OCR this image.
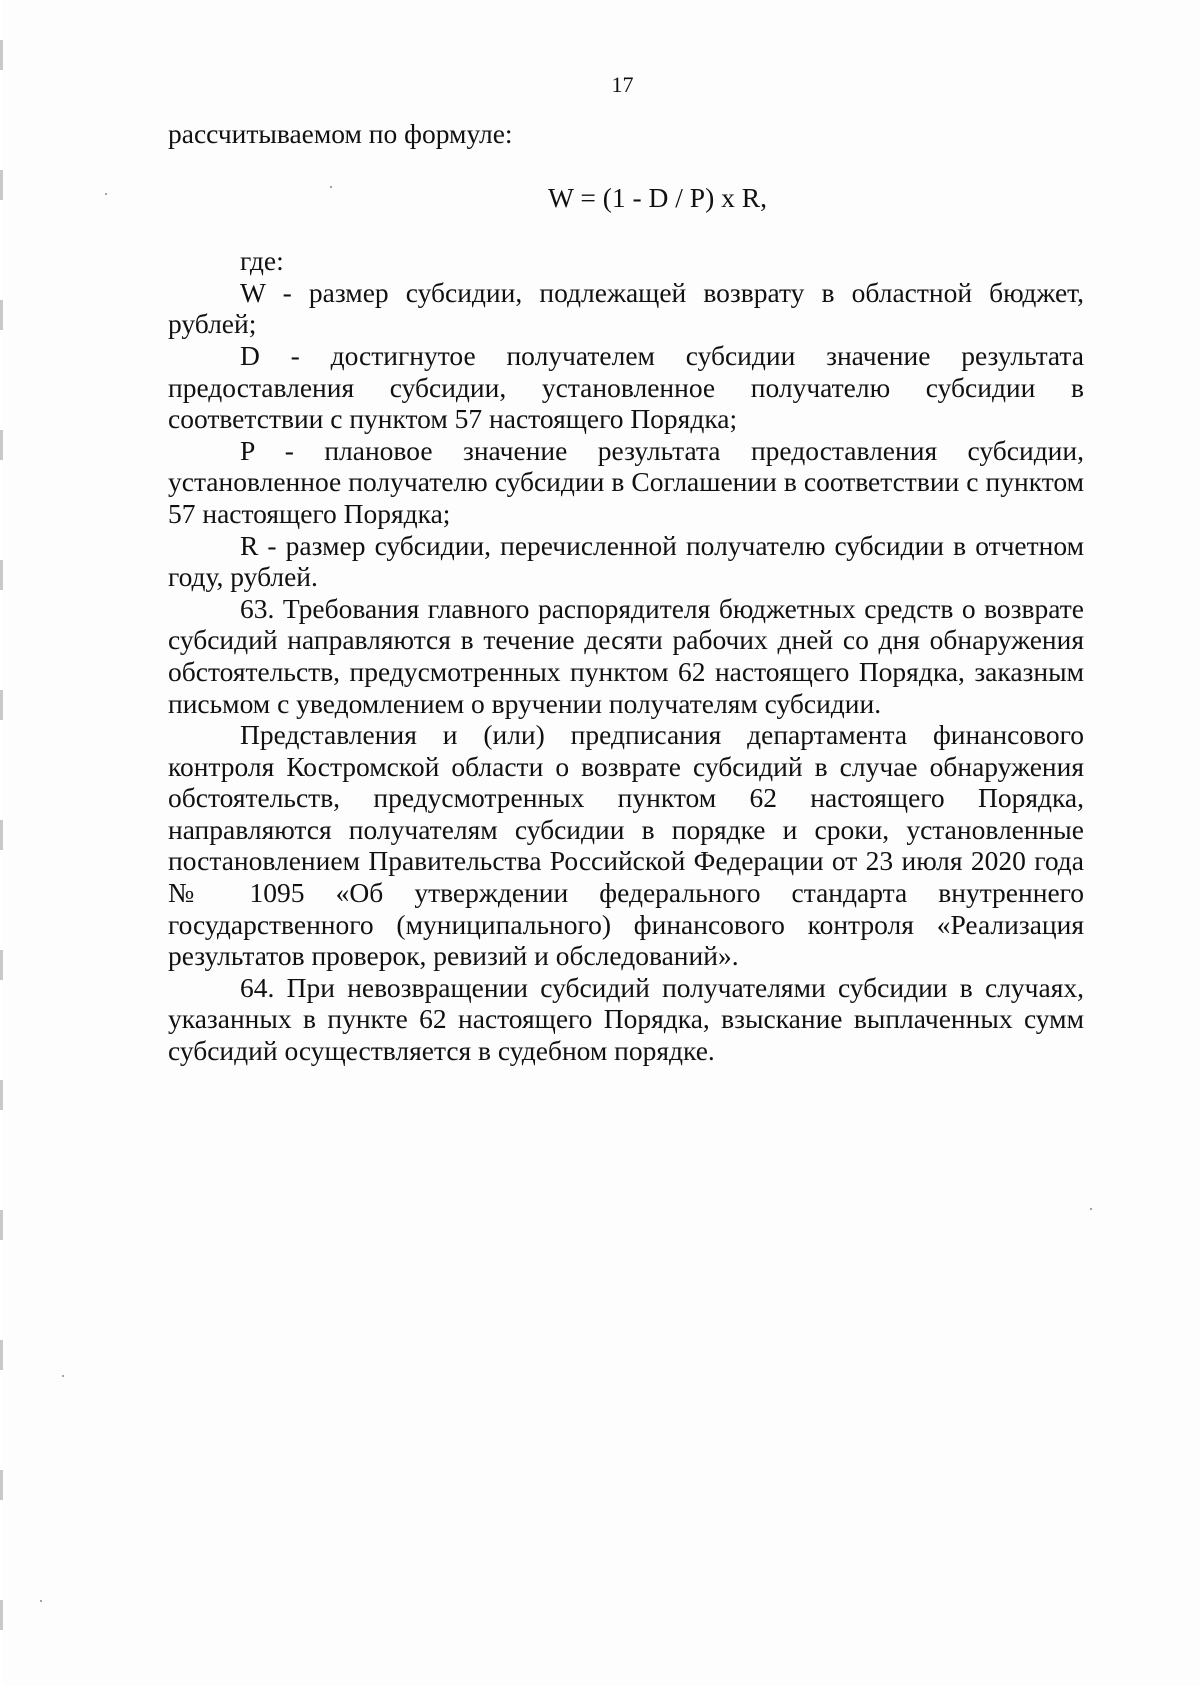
17

рассчитываемом по формуле:

W = (1 - D / P) x R,

где:

W - размер субсидии, подлежащей возврату в областной бюджет, рублей;

D - достигнутое получателем субсидии значение результата предоставления субсидии, установленное получателю субсидии в соответствии с пунктом 57 настоящего Порядка;

P - плановое значение результата предоставления субсидии, установленное получателю субсидии в Соглашении в соответствии с пунктом 57 настоящего Порядка;

R - размер субсидии, перечисленной получателю субсидии в отчетном году, рублей.

63. Требования главного распорядителя бюджетных средств о возврате субсидий направляются в течение десяти рабочих дней со дня обнаружения обстоятельств, предусмотренных пунктом 62 настоящего Порядка, заказным письмом с уведомлением о вручении получателям субсидии.

Представления и (или) предписания департамента финансового контроля Костромской области о возврате субсидий в случае обнаружения обстоятельств, предусмотренных пунктом 62 настоящего Порядка, направляются получателям субсидии в порядке и сроки, установленные постановлением Правительства Российской Федерации от 23 июля 2020 года № 1095 «Об утверждении федерального стандарта внутреннего государственного (муниципального) финансового контроля «Реализация результатов проверок, ревизий и обследований».

64. При невозвращении субсидий получателями субсидии в случаях, указанных в пункте 62 настоящего Порядка, взыскание выплаченных сумм субсидий осуществляется в судебном порядке.
